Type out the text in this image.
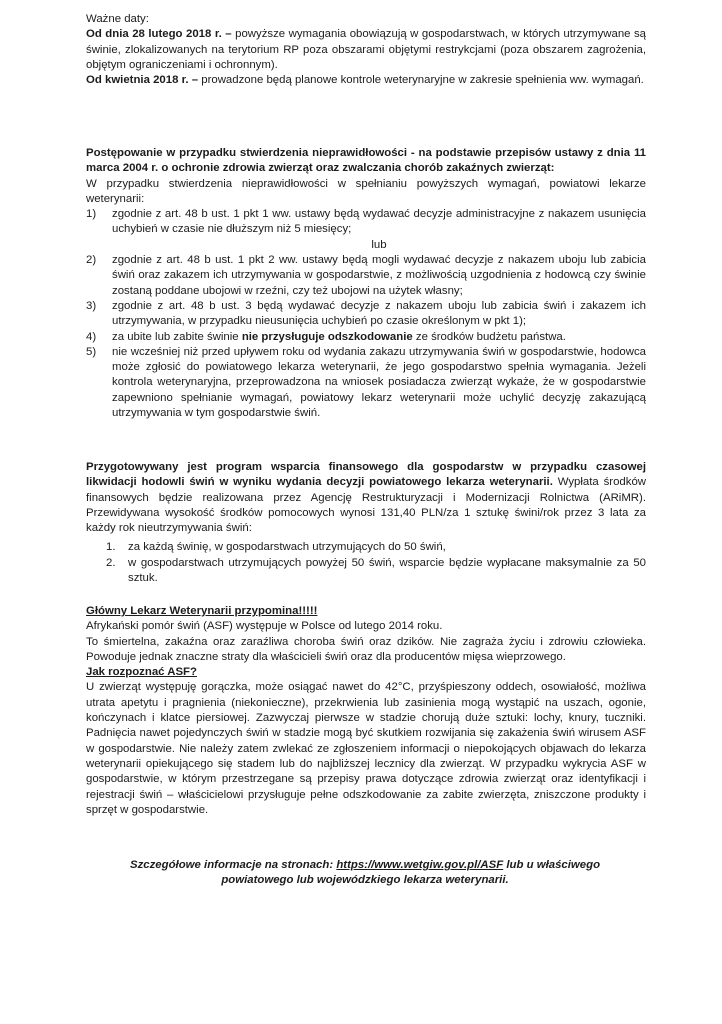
Ważne daty:

Od dnia 28 lutego 2018 r. – powyższe wymagania obowiązują w gospodarstwach, w których utrzymywane są świnie, zlokalizowanych na terytorium RP poza obszarami objętymi restrykcjami (poza obszarem zagrożenia, objętym ograniczeniami i ochronnym).

Od kwietnia 2018 r. – prowadzone będą planowe kontrole weterynaryjne w zakresie spełnienia ww. wymagań.

Postępowanie w przypadku stwierdzenia nieprawidłowości - na podstawie przepisów ustawy z dnia 11 marca 2004 r. o ochronie zdrowia zwierząt oraz zwalczania chorób zakaźnych zwierząt:

W przypadku stwierdzenia nieprawidłowości w spełnianiu powyższych wymagań, powiatowi lekarze weterynarii:

1) zgodnie z art. 48 b ust. 1 pkt 1 ww. ustawy będą wydawać decyzje administracyjne z nakazem usunięcia uchybień w czasie nie dłuższym niż 5 miesięcy;
lub
2) zgodnie z art. 48 b ust. 1 pkt 2 ww. ustawy będą mogli wydawać decyzje z nakazem uboju lub zabicia świń oraz zakazem ich utrzymywania w gospodarstwie, z możliwością uzgodnienia z hodowcą czy świnie zostaną poddane ubojowi w rzeźni, czy też ubojowi na użytek własny;
3) zgodnie z art. 48 b ust. 3 będą wydawać decyzje z nakazem uboju lub zabicia świń i zakazem ich utrzymywania, w przypadku nieusunięcia uchybień po czasie określonym w pkt 1);
4) za ubite lub zabite świnie nie przysługuje odszkodowanie ze środków budżetu państwa.
5) nie wcześniej niż przed upływem roku od wydania zakazu utrzymywania świń w gospodarstwie, hodowca może zgłosić do powiatowego lekarza weterynarii, że jego gospodarstwo spełnia wymagania. Jeżeli kontrola weterynaryjna, przeprowadzona na wniosek posiadacza zwierząt wykaże, że w gospodarstwie zapewniono spełnianie wymagań, powiatowy lekarz weterynarii może uchylić decyzję zakazującą utrzymywania w tym gospodarstwie świń.

Przygotowywany jest program wsparcia finansowego dla gospodarstw w przypadku czasowej likwidacji hodowli świń w wyniku wydania decyzji powiatowego lekarza weterynarii. Wypłata środków finansowych będzie realizowana przez Agencję Restrukturyzacji i Modernizacji Rolnictwa (ARiMR). Przewidywana wysokość środków pomocowych wynosi 131,40 PLN/za 1 sztukę świni/rok przez 3 lata za każdy rok nieutrzymywania świń:

1. za każdą świnię, w gospodarstwach utrzymujących do 50 świń,
2. w gospodarstwach utrzymujących powyżej 50 świń, wsparcie będzie wypłacane maksymalnie za 50 sztuk.

Główny Lekarz Weterynarii przypomina!!!!!

Afrykański pomór świń (ASF) występuje w Polsce od lutego 2014 roku.

To śmiertelna, zakaźna oraz zaraźliwa choroba świń oraz dzików. Nie zagraża życiu i zdrowiu człowieka. Powoduje jednak znaczne straty dla właścicieli świń oraz dla producentów mięsa wieprzowego.

Jak rozpoznać ASF?

U zwierząt występuję gorączka, może osiągać nawet do 42°C, przyśpieszony oddech, osowiałość, możliwa utrata apetytu i pragnienia (niekonieczne), przekrwienia lub zasinienia mogą wystąpić na uszach, ogonie, kończynach i klatce piersiowej. Zazwyczaj pierwsze w stadzie chorują duże sztuki: lochy, knury, tuczniki. Padnięcia nawet pojedynczych świń w stadzie mogą być skutkiem rozwijania się zakażenia świń wirusem ASF w gospodarstwie. Nie należy zatem zwlekać ze zgłoszeniem informacji o niepokojących objawach do lekarza weterynarii opiekującego się stadem lub do najbliższej lecznicy dla zwierząt. W przypadku wykrycia ASF w gospodarstwie, w którym przestrzegane są przepisy prawa dotyczące zdrowia zwierząt oraz identyfikacji i rejestracji świń – właścicielowi przysługuje pełne odszkodowanie za zabite zwierzęta, zniszczone produkty i sprzęt w gospodarstwie.

Szczegółowe informacje na stronach: https://www.wetgiw.gov.pl/ASF lub u właściwego powiatowego lub wojewódzkiego lekarza weterynarii.
